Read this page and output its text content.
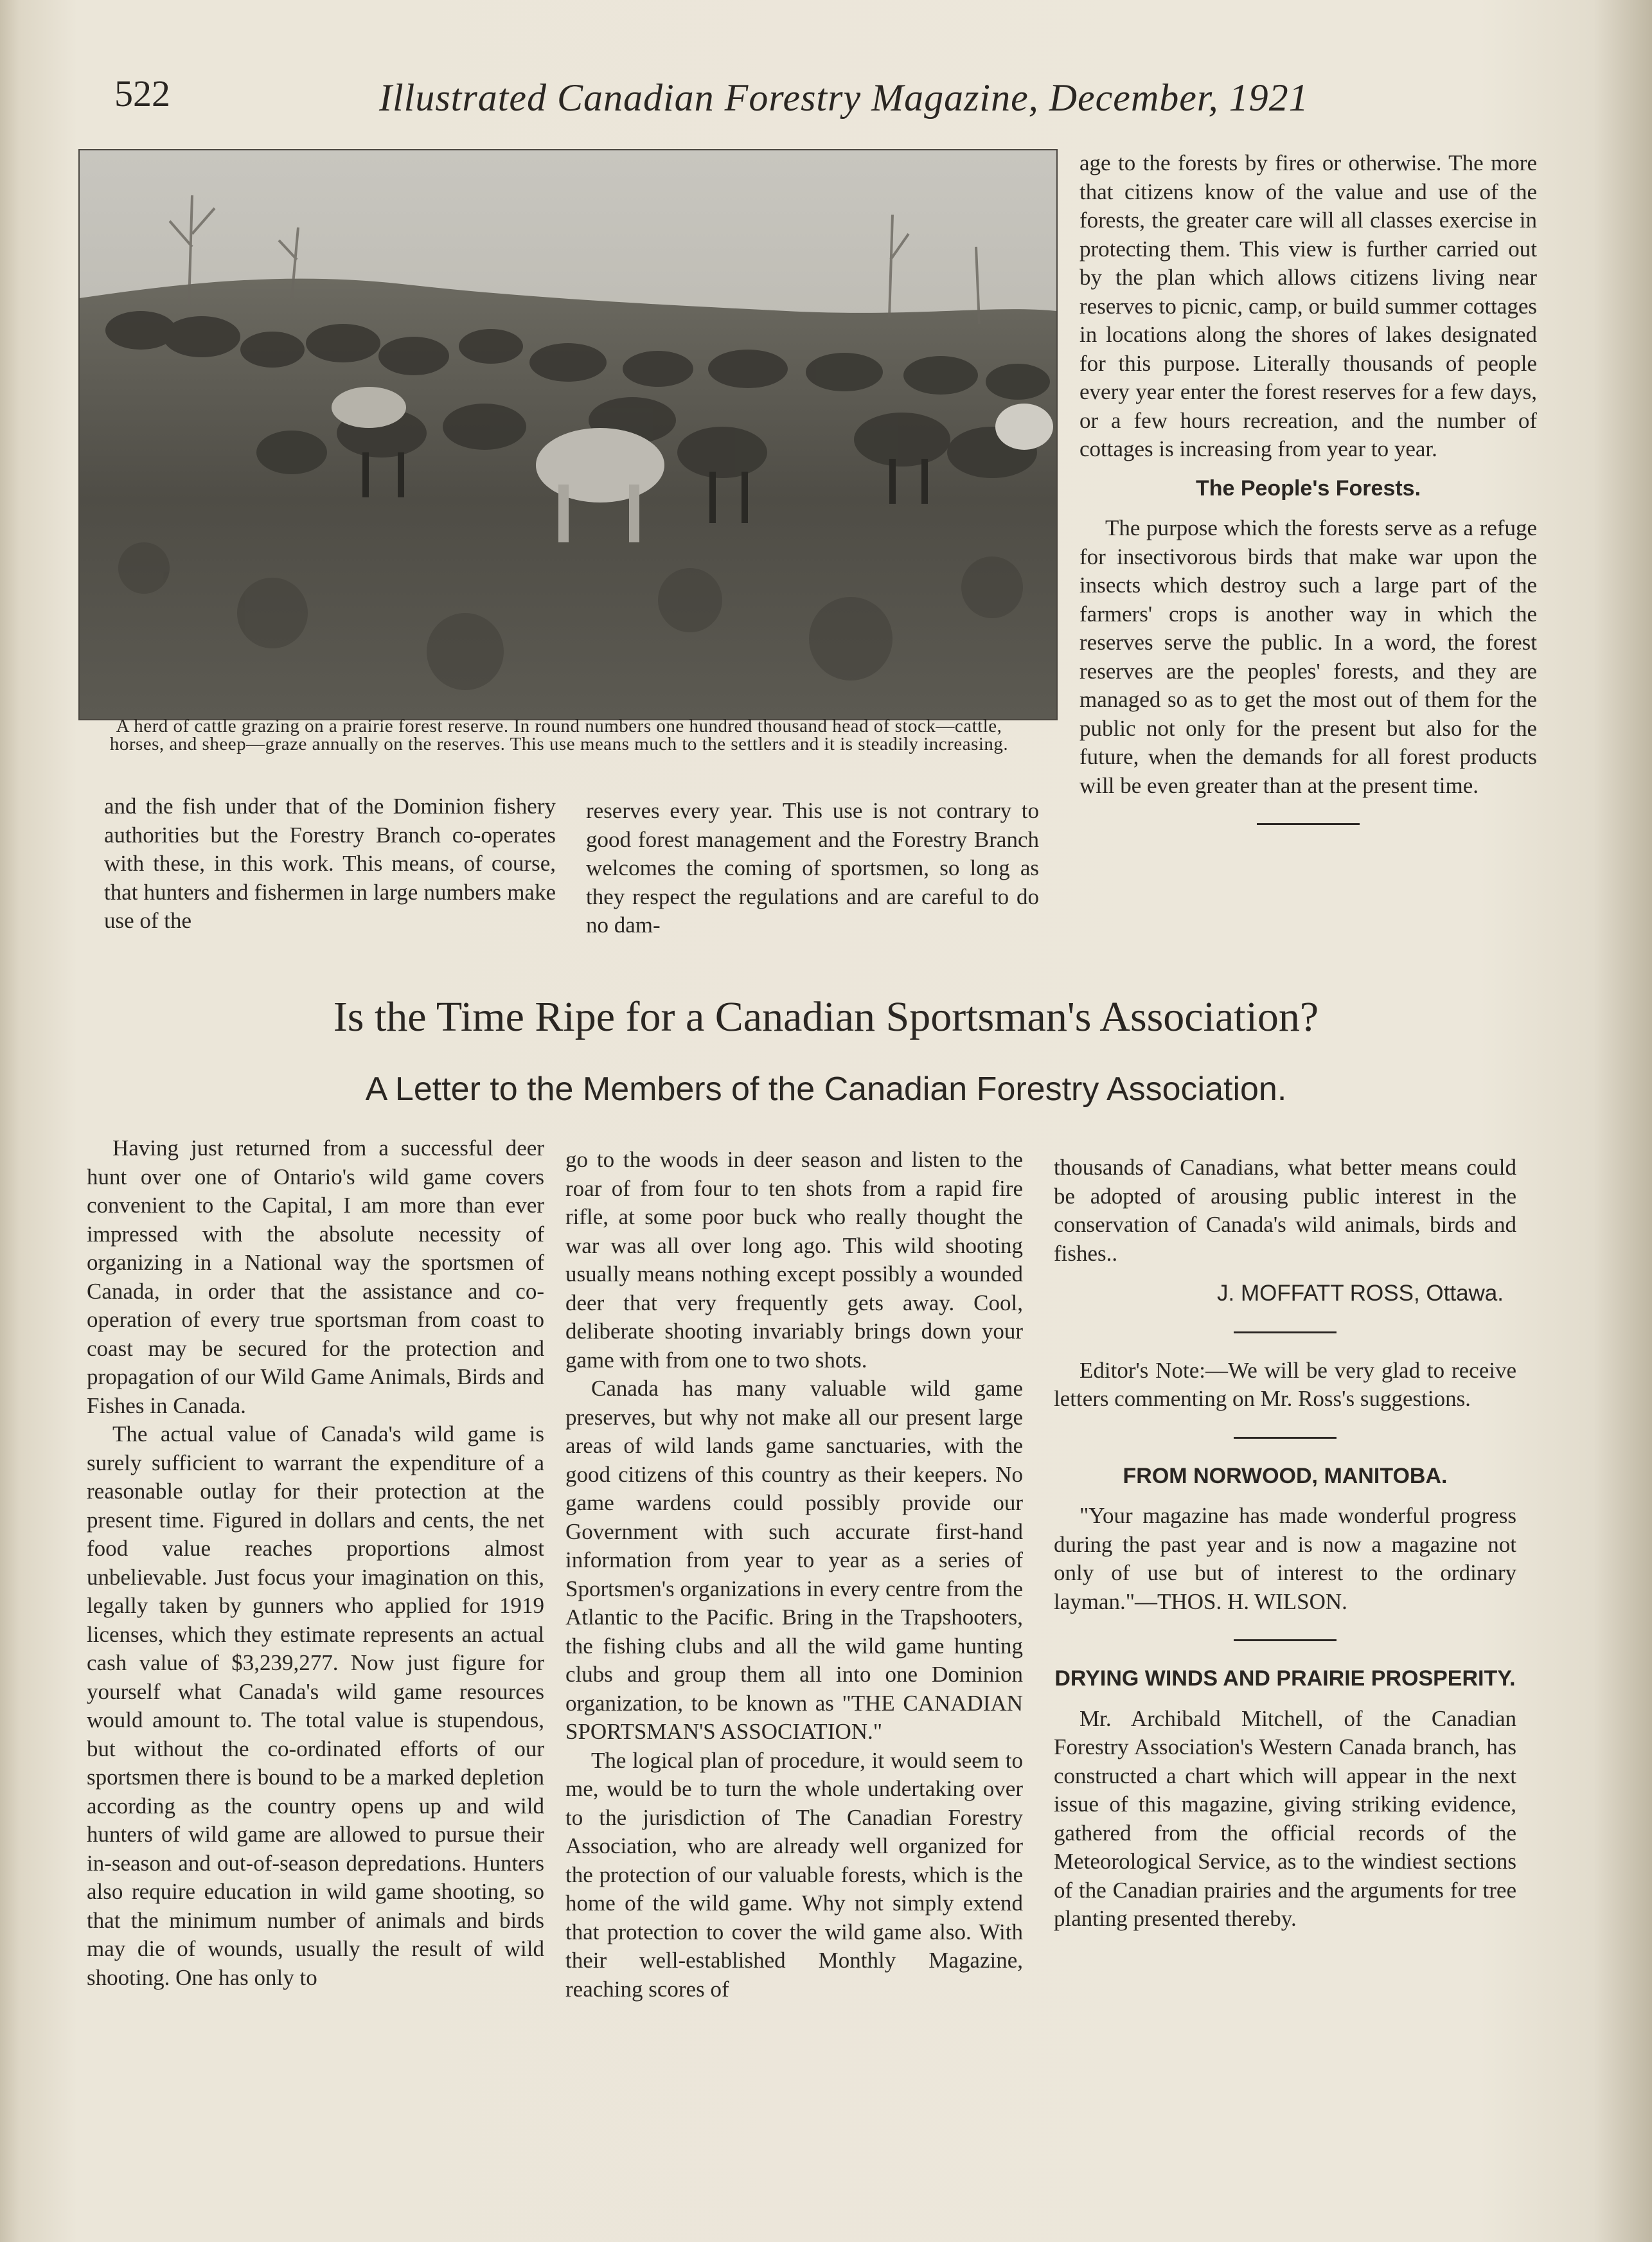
522	Illustrated Canadian Forestry Magazine, December, 1921
A herd of cattle grazing on a prairie forest reserve. In round numbers one hundred thousand head of stock—cattle, horses, and sheep—graze annually on the reserves. This use means much to the settlers and it is steadily increasing.

and the fish under that of the Dominion fishery authorities but the Forestry Branch co-operates with these, in this work. This means, of course, that hunters and fishermen in large numbers make use of the

reserves every year. This use is not contrary to good forest management and the Forestry Branch welcomes the coming of sportsmen, so long as they respect the regulations and are careful to do no dam-

age to the forests by fires or otherwise. The more that citizens know of the value and use of the forests, the greater care will all classes exercise in protecting them. This view is further carried out by the plan which allows citizens living near reserves to picnic, camp, or build summer cottages in locations along the shores of lakes designated for this purpose. Literally thousands of people every year enter the forest reserves for a few days, or a few hours recreation, and the number of cottages is increasing from year to year.

The People's Forests.

The purpose which the forests serve as a refuge for insectivorous birds that make war upon the insects which destroy such a large part of the farmers' crops is another way in which the reserves serve the public. In a word, the forest reserves are the peoples' forests, and they are managed so as to get the most out of them for the public not only for the present but also for the future, when the demands for all forest products will be even greater than at the present time.

Is the Time Ripe for a Canadian Sportsman's Association?
A Letter to the Members of the Canadian Forestry Association.

Having just returned from a successful deer hunt over one of Ontario's wild game covers convenient to the Capital, I am more than ever impressed with the absolute necessity of organizing in a National way the sportsmen of Canada, in order that the assistance and co-operation of every true sportsman from coast to coast may be secured for the protection and propagation of our Wild Game Animals, Birds and Fishes in Canada.

The actual value of Canada's wild game is surely sufficient to warrant the expenditure of a reasonable outlay for their protection at the present time. Figured in dollars and cents, the net food value reaches proportions almost unbelievable. Just focus your imagination on this, legally taken by gunners who applied for 1919 licenses, which they estimate represents an actual cash value of $3,239,277. Now just figure for yourself what Canada's wild game resources would amount to. The total value is stupendous, but without the co-ordinated efforts of our sportsmen there is bound to be a marked depletion according as the country opens up and wild hunters of wild game are allowed to pursue their in-season and out-of-season depredations. Hunters also require education in wild game shooting, so that the minimum number of animals and birds may die of wounds, usually the result of wild shooting. One has only to

go to the woods in deer season and listen to the roar of from four to ten shots from a rapid fire rifle, at some poor buck who really thought the war was all over long ago. This wild shooting usually means nothing except possibly a wounded deer that very frequently gets away. Cool, deliberate shooting invariably brings down your game with from one to two shots.

Canada has many valuable wild game preserves, but why not make all our present large areas of wild lands game sanctuaries, with the good citizens of this country as their keepers. No game wardens could possibly provide our Government with such accurate first-hand information from year to year as a series of Sportsmen's organizations in every centre from the Atlantic to the Pacific. Bring in the Trapshooters, the fishing clubs and all the wild game hunting clubs and group them all into one Dominion organization, to be known as "THE CANADIAN SPORTSMAN'S ASSOCIATION."

The logical plan of procedure, it would seem to me, would be to turn the whole undertaking over to the jurisdiction of The Canadian Forestry Association, who are already well organized for the protection of our valuable forests, which is the home of the wild game. Why not simply extend that protection to cover the wild game also. With their well-established Monthly Magazine, reaching scores of

thousands of Canadians, what better means could be adopted of arousing public interest in the conservation of Canada's wild animals, birds and fishes..

J. MOFFATT ROSS, Ottawa.

Editor's Note:—We will be very glad to receive letters commenting on Mr. Ross's suggestions.

FROM NORWOOD, MANITOBA.

"Your magazine has made wonderful progress during the past year and is now a magazine not only of use but of interest to the ordinary layman."—THOS. H. WILSON.

DRYING WINDS AND PRAIRIE PROSPERITY.

Mr. Archibald Mitchell, of the Canadian Forestry Association's Western Canada branch, has constructed a chart which will appear in the next issue of this magazine, giving striking evidence, gathered from the official records of the Meteorological Service, as to the windiest sections of the Canadian prairies and the arguments for tree planting presented thereby.
